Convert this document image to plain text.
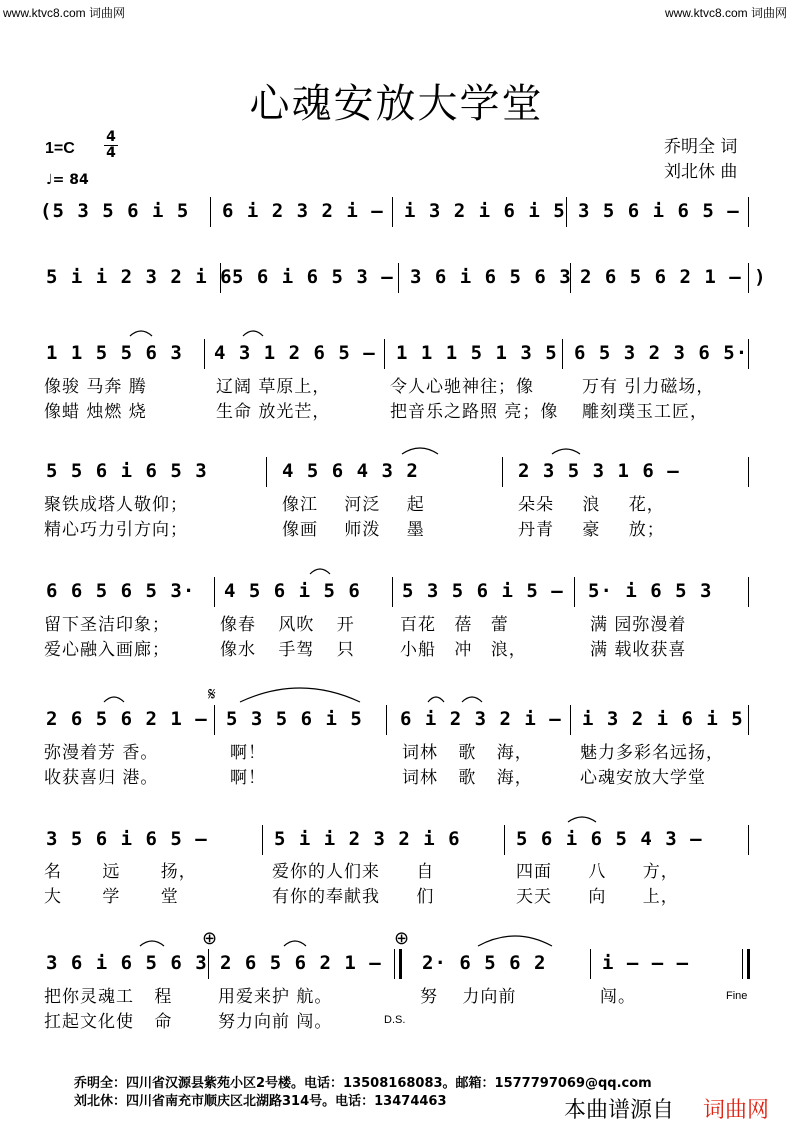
www.ktvc8.com 词曲网	www.ktvc8.com 词曲网
心魂安放大学堂
乔明全 词
刘北休 曲
1=C
4
4
♩= 84
(5 3 5 6 i 5 6 i 2 3 2 i – i 3 2 i 6 i 5 3 5 6 i 6 5 –
5 i i 2 3 2 i 6 5 6 i 6 5 3 – 3 6 i 6 5 6 3 2 6 5 6 2 1 – )
1 1 5 5 6 3 4 3 1 2 6 5 – 1 1 1 5 1 3 5 6 5 3 2 3 6 5·
像骏 马奔 腾	辽阔 草原上，	令人心驰神往；像	万有 引力磁场，
像蜡 烛燃 烧	生命 放光芒，	把音乐之路照 亮；像 雕刻璞玉工匠，
5 5 6 i 6 5 3	4 5 6 4 3 2	2 3 5 3 1 6 –
聚铁成塔人敬仰；	像江 河泛 起	朵朵 浪 花，
精心巧力引方向；	像画 师泼 墨	丹青 豪 放；
6 6 5 6 5 3· 4 5 6 i 5 6 5 3 5 6 i 5 – 5· i 6 5 3
留下圣洁印象；	像春 风吹 开	百花 蓓 蕾	满 园弥漫着
爱心融入画廊；	像水 手驾 只	小船 冲 浪，	满 载收获喜
𝄋
2 6 5 6 2 1 – 5 3 5 6 i 5 6 i 2 3 2 i – i 3 2 i 6 i 5
弥漫着芳 香。	啊！	词林 歌 海，	魅力多彩名远扬，
收获喜归 港。	啊！	词林 歌 海，	心魂安放大学堂
3 5 6 i 6 5 –	5 i i 2 3 2 i 6	5 6 i 6 5 4 3 –
名 远 扬，	爱你的人们来 自	四面 八 方，
大 学 堂	有你的奉献我 们	天天 向 上，
⊕	⊕
3 6 i 6 5 6 3 2 6 5 6 2 1 – 2· 6 5 6 2	i – – –
把你灵魂工 程	用爱来护 航。	努 力向前	闯。	Fine
扛起文化使 命	努力向前 闯。	D.S.
乔明全：四川省汉源县紫苑小区2号楼。电话：13508168083。邮箱：1577797069@qq.com
刘北休：四川省南充市顺庆区北湖路314号。电话：13474463	本曲谱源自 词曲网
